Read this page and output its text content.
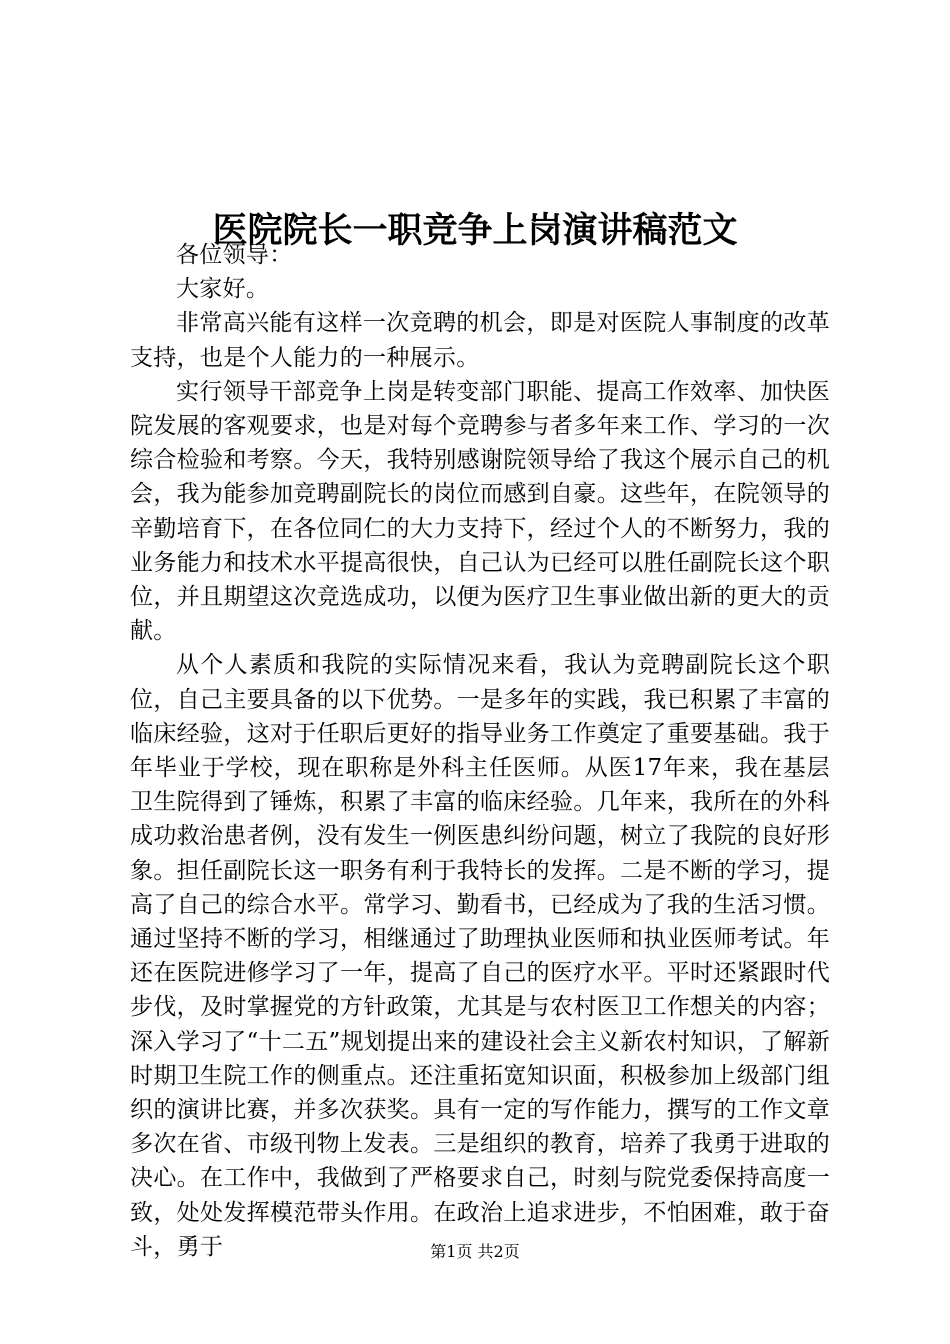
医院院长一职竞争上岗演讲稿范文

各位领导：

大家好。

非常高兴能有这样一次竞聘的机会，即是对医院人事制度的改革支持，也是个人能力的一种展示。

实行领导干部竞争上岗是转变部门职能、提高工作效率、加快医院发展的客观要求，也是对每个竞聘参与者多年来工作、学习的一次综合检验和考察。今天，我特别感谢院领导给了我这个展示自己的机会，我为能参加竞聘副院长的岗位而感到自豪。这些年，在院领导的辛勤培育下，在各位同仁的大力支持下，经过个人的不断努力，我的业务能力和技术水平提高很快，自己认为已经可以胜任副院长这个职位，并且期望这次竞选成功，以便为医疗卫生事业做出新的更大的贡献。

从个人素质和我院的实际情况来看，我认为竞聘副院长这个职位，自己主要具备的以下优势。一是多年的实践，我已积累了丰富的临床经验，这对于任职后更好的指导业务工作奠定了重要基础。我于年毕业于学校，现在职称是外科主任医师。从医17年来，我在基层卫生院得到了锤炼，积累了丰富的临床经验。几年来，我所在的外科成功救治患者例，没有发生一例医患纠纷问题，树立了我院的良好形象。担任副院长这一职务有利于我特长的发挥。二是不断的学习，提高了自己的综合水平。常学习、勤看书，已经成为了我的生活习惯。通过坚持不断的学习，相继通过了助理执业医师和执业医师考试。年还在医院进修学习了一年，提高了自己的医疗水平。平时还紧跟时代步伐，及时掌握党的方针政策，尤其是与农村医卫工作想关的内容；深入学习了“十二五”规划提出来的建设社会主义新农村知识，了解新时期卫生院工作的侧重点。还注重拓宽知识面，积极参加上级部门组织的演讲比赛，并多次获奖。具有一定的写作能力，撰写的工作文章多次在省、市级刊物上发表。三是组织的教育，培养了我勇于进取的决心。在工作中，我做到了严格要求自己，时刻与院党委保持高度一致，处处发挥模范带头作用。在政治上追求进步，不怕困难，敢于奋斗，勇于	第1页 共2页
